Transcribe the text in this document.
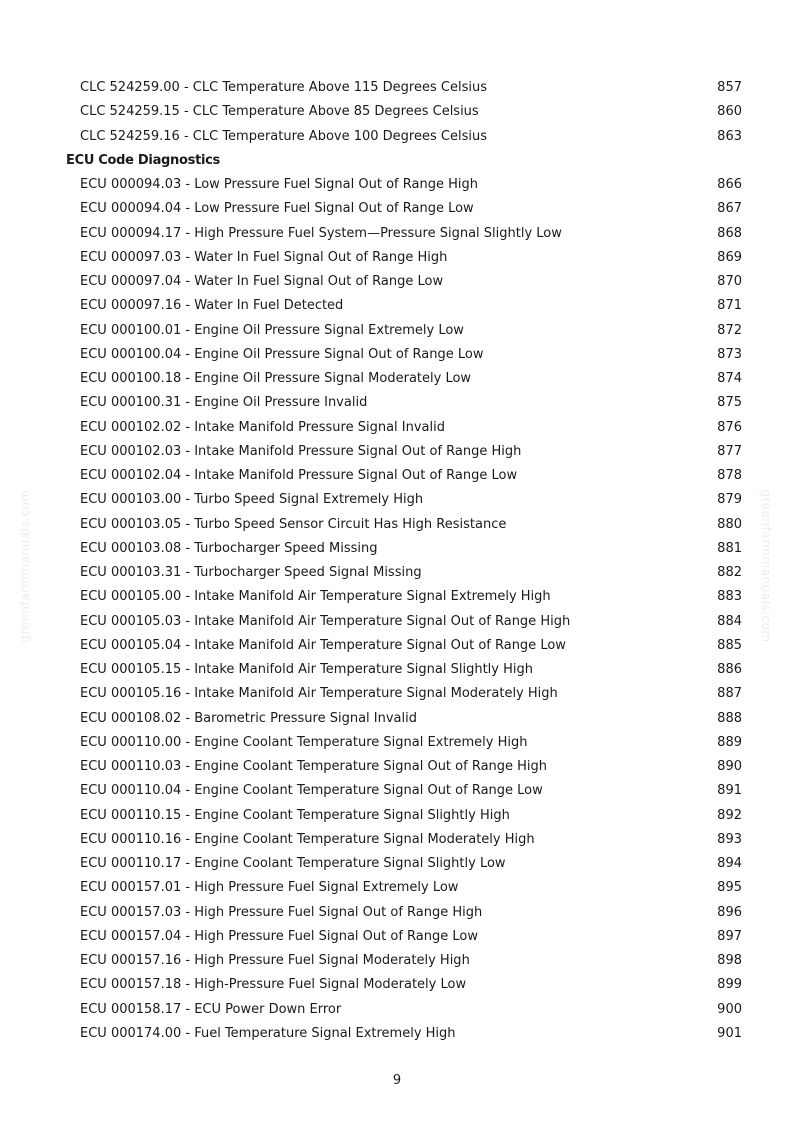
greenfarmmanuals.com	greenfarmmanuals.com
CLC 524259.00 - CLC Temperature Above 115 Degrees Celsius	857
CLC 524259.15 - CLC Temperature Above 85 Degrees Celsius	860
CLC 524259.16 - CLC Temperature Above 100 Degrees Celsius	863
ECU Code Diagnostics
ECU 000094.03 - Low Pressure Fuel Signal Out of Range High	866
ECU 000094.04 - Low Pressure Fuel Signal Out of Range Low	867
ECU 000094.17 - High Pressure Fuel System—Pressure Signal Slightly Low	868
ECU 000097.03 - Water In Fuel Signal Out of Range High	869
ECU 000097.04 - Water In Fuel Signal Out of Range Low	870
ECU 000097.16 - Water In Fuel Detected	871
ECU 000100.01 - Engine Oil Pressure Signal Extremely Low	872
ECU 000100.04 - Engine Oil Pressure Signal Out of Range Low	873
ECU 000100.18 - Engine Oil Pressure Signal Moderately Low	874
ECU 000100.31 - Engine Oil Pressure Invalid	875
ECU 000102.02 - Intake Manifold Pressure Signal Invalid	876
ECU 000102.03 - Intake Manifold Pressure Signal Out of Range High	877
ECU 000102.04 - Intake Manifold Pressure Signal Out of Range Low	878
ECU 000103.00 - Turbo Speed Signal Extremely High	879
ECU 000103.05 - Turbo Speed Sensor Circuit Has High Resistance	880
ECU 000103.08 - Turbocharger Speed Missing	881
ECU 000103.31 - Turbocharger Speed Signal Missing	882
ECU 000105.00 - Intake Manifold Air Temperature Signal Extremely High	883
ECU 000105.03 - Intake Manifold Air Temperature Signal Out of Range High	884
ECU 000105.04 - Intake Manifold Air Temperature Signal Out of Range Low	885
ECU 000105.15 - Intake Manifold Air Temperature Signal Slightly High	886
ECU 000105.16 - Intake Manifold Air Temperature Signal Moderately High	887
ECU 000108.02 - Barometric Pressure Signal Invalid	888
ECU 000110.00 - Engine Coolant Temperature Signal Extremely High	889
ECU 000110.03 - Engine Coolant Temperature Signal Out of Range High	890
ECU 000110.04 - Engine Coolant Temperature Signal Out of Range Low	891
ECU 000110.15 - Engine Coolant Temperature Signal Slightly High	892
ECU 000110.16 - Engine Coolant Temperature Signal Moderately High	893
ECU 000110.17 - Engine Coolant Temperature Signal Slightly Low	894
ECU 000157.01 - High Pressure Fuel Signal Extremely Low	895
ECU 000157.03 - High Pressure Fuel Signal Out of Range High	896
ECU 000157.04 - High Pressure Fuel Signal Out of Range Low	897
ECU 000157.16 - High Pressure Fuel Signal Moderately High	898
ECU 000157.18 - High-Pressure Fuel Signal Moderately Low	899
ECU 000158.17 - ECU Power Down Error	900
ECU 000174.00 - Fuel Temperature Signal Extremely High	901
9
